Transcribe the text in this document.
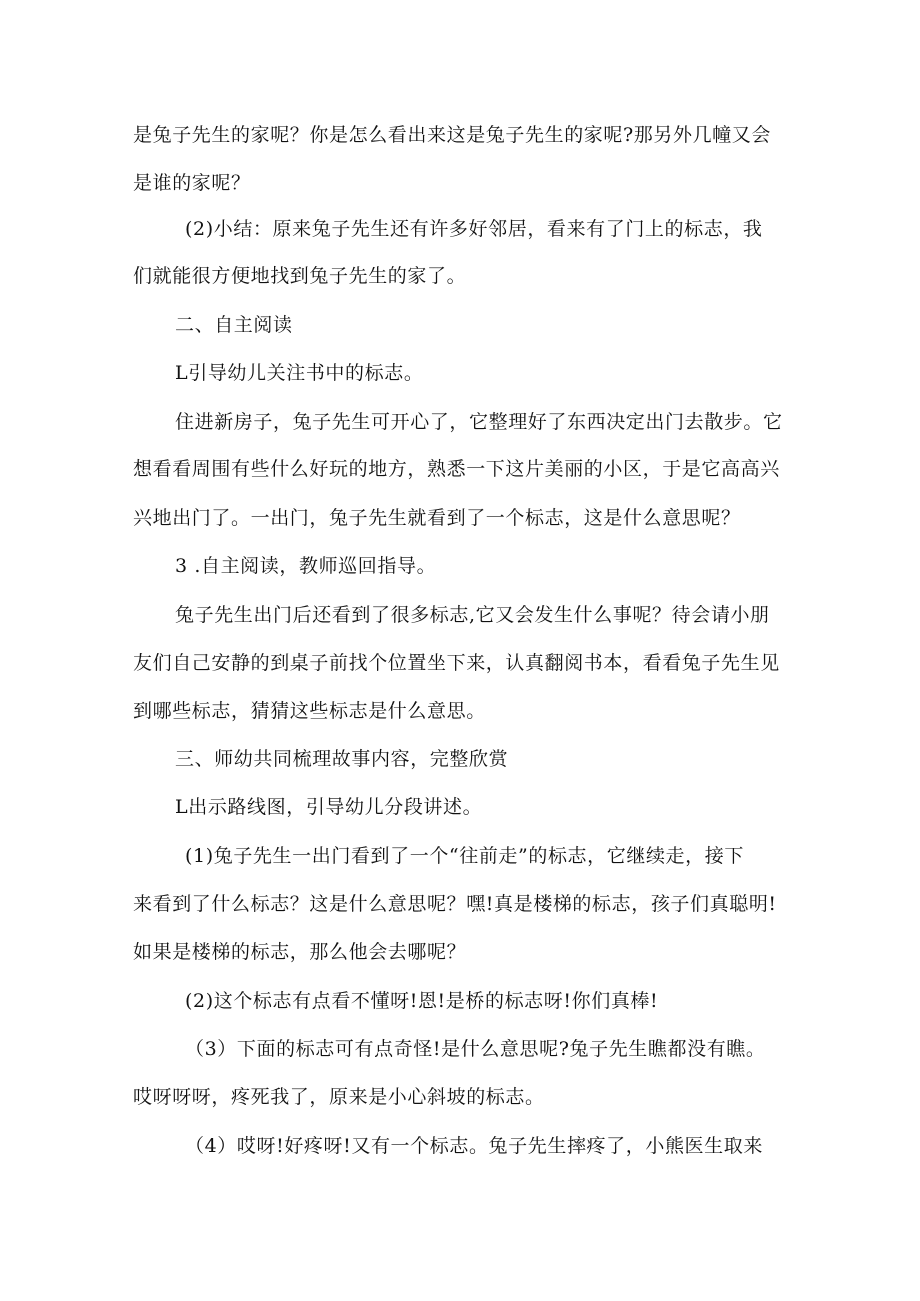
是兔子先生的家呢？你是怎么看出来这是兔子先生的家呢?那另外几幢又会

是谁的家呢？

(2)小结：原来兔子先生还有许多好邻居，看来有了门上的标志，我

们就能很方便地找到兔子先生的家了。

二、自主阅读

L引导幼儿关注书中的标志。

住进新房子，兔子先生可开心了，它整理好了东西决定出门去散步。它

想看看周围有些什么好玩的地方，熟悉一下这片美丽的小区，于是它高高兴

兴地出门了。一出门，兔子先生就看到了一个标志，这是什么意思呢？

3 .自主阅读，教师巡回指导。

兔子先生出门后还看到了很多标志,它又会发生什么事呢？待会请小朋

友们自己安静的到桌子前找个位置坐下来，认真翻阅书本，看看兔子先生见

到哪些标志，猜猜这些标志是什么意思。

三、师幼共同梳理故事内容，完整欣赏

L出示路线图，引导幼儿分段讲述。

(1)兔子先生一出门看到了一个“往前走”的标志，它继续走，接下

来看到了什么标志？这是什么意思呢？嘿!真是楼梯的标志，孩子们真聪明!

如果是楼梯的标志，那么他会去哪呢？

(2)这个标志有点看不懂呀!恩!是桥的标志呀!你们真棒!

（3）下面的标志可有点奇怪!是什么意思呢?兔子先生瞧都没有瞧。

哎呀呀呀，疼死我了，原来是小心斜坡的标志。

（4）哎呀!好疼呀!又有一个标志。兔子先生摔疼了，小熊医生取来
